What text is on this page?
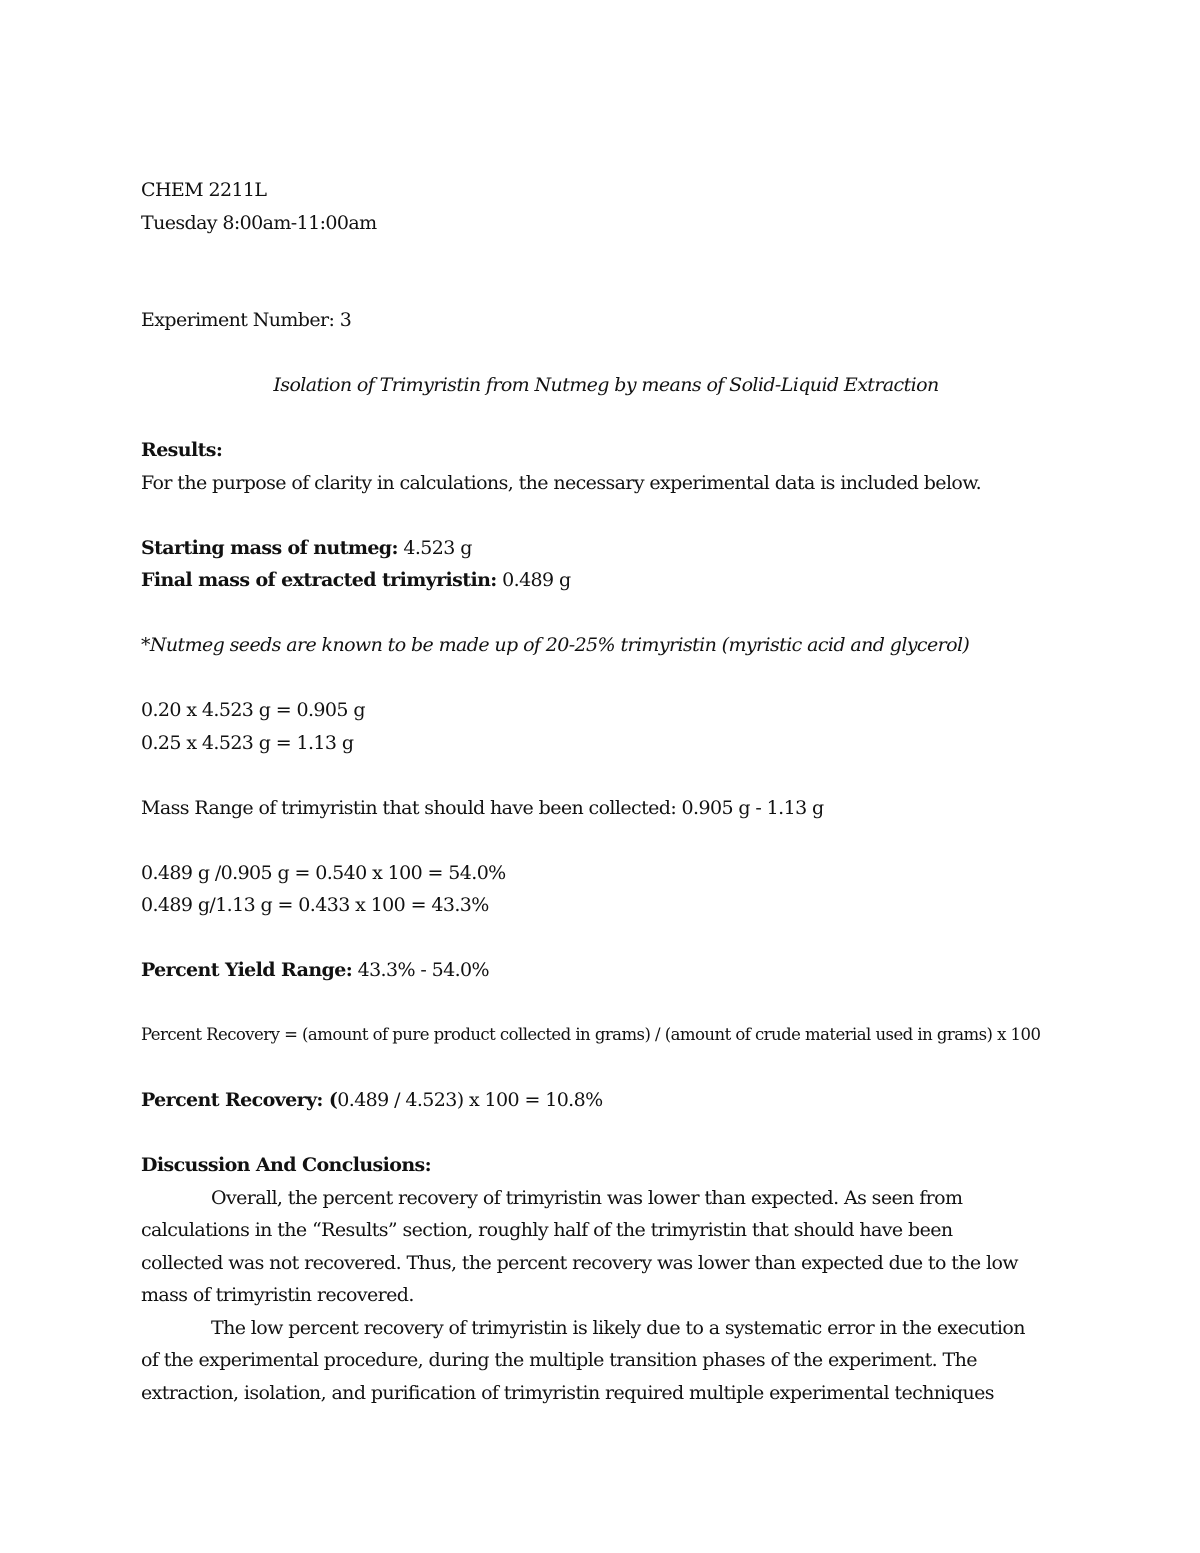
CHEM 2211L

Tuesday 8:00am-11:00am

Experiment Number: 3

Isolation of Trimyristin from Nutmeg by means of Solid-Liquid Extraction

Results:

For the purpose of clarity in calculations, the necessary experimental data is included below.

Starting mass of nutmeg: 4.523 g

Final mass of extracted trimyristin: 0.489 g

*Nutmeg seeds are known to be made up of 20-25% trimyristin (myristic acid and glycerol)

0.20 x 4.523 g = 0.905 g

0.25 x 4.523 g = 1.13 g

Mass Range of trimyristin that should have been collected: 0.905 g - 1.13 g

0.489 g /0.905 g = 0.540 x 100 = 54.0%

0.489 g/1.13 g = 0.433 x 100 = 43.3%

Percent Yield Range: 43.3% - 54.0%

Percent Recovery = (amount of pure product collected in grams) / (amount of crude material used in grams) x 100

Percent Recovery: (0.489 / 4.523) x 100 = 10.8%

Discussion And Conclusions:

Overall, the percent recovery of trimyristin was lower than expected. As seen from

calculations in the “Results” section, roughly half of the trimyristin that should have been

collected was not recovered. Thus, the percent recovery was lower than expected due to the low

mass of trimyristin recovered.

The low percent recovery of trimyristin is likely due to a systematic error in the execution

of the experimental procedure, during the multiple transition phases of the experiment. The

extraction, isolation, and purification of trimyristin required multiple experimental techniques
